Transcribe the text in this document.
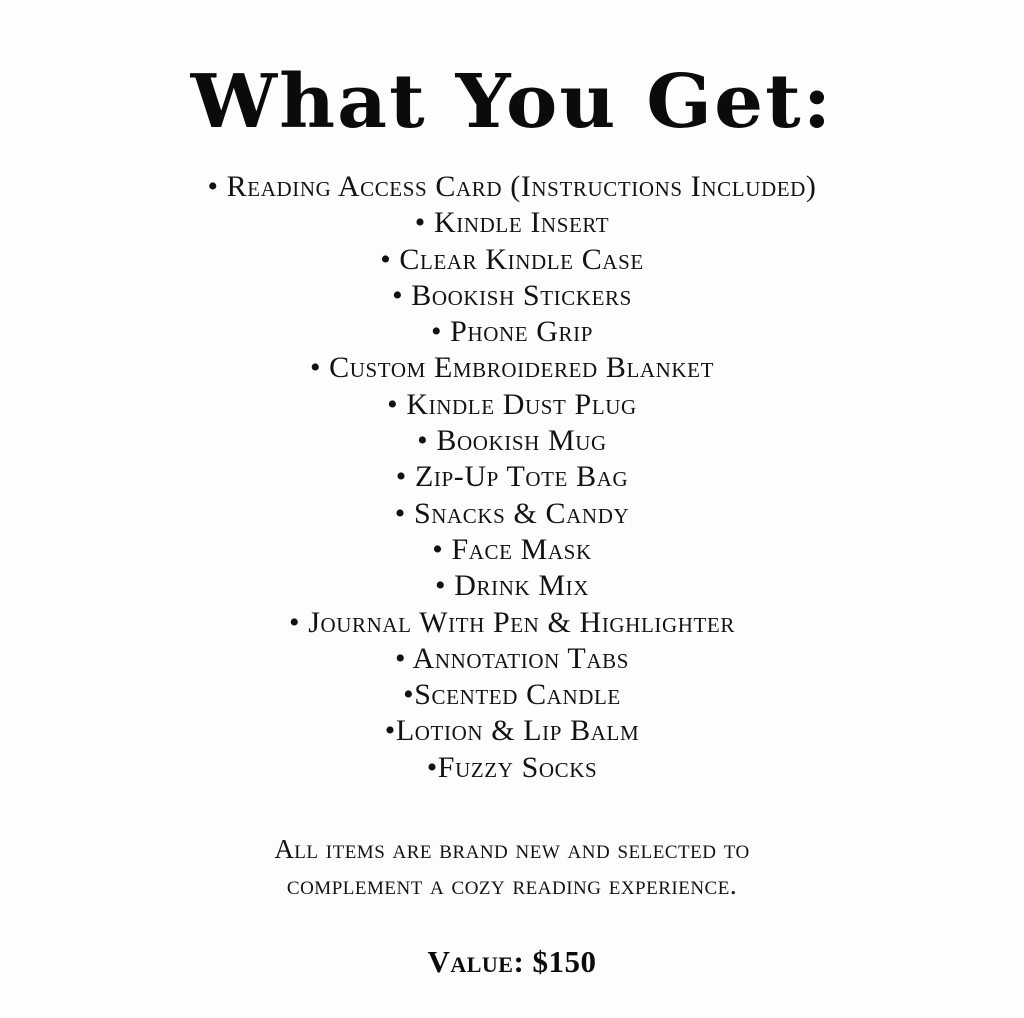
What You Get:
• Reading Access Card (Instructions Included)
• Kindle Insert
• Clear Kindle Case
• Bookish Stickers
• Phone Grip
• Custom Embroidered Blanket
• Kindle Dust Plug
• Bookish Mug
• Zip-Up Tote Bag
• Snacks & Candy
• Face Mask
• Drink Mix
• Journal With Pen & Highlighter
• Annotation Tabs
•Scented Candle
•Lotion & Lip Balm
•Fuzzy Socks
All items are brand new and selected to
complement a cozy reading experience.
Value: $150
